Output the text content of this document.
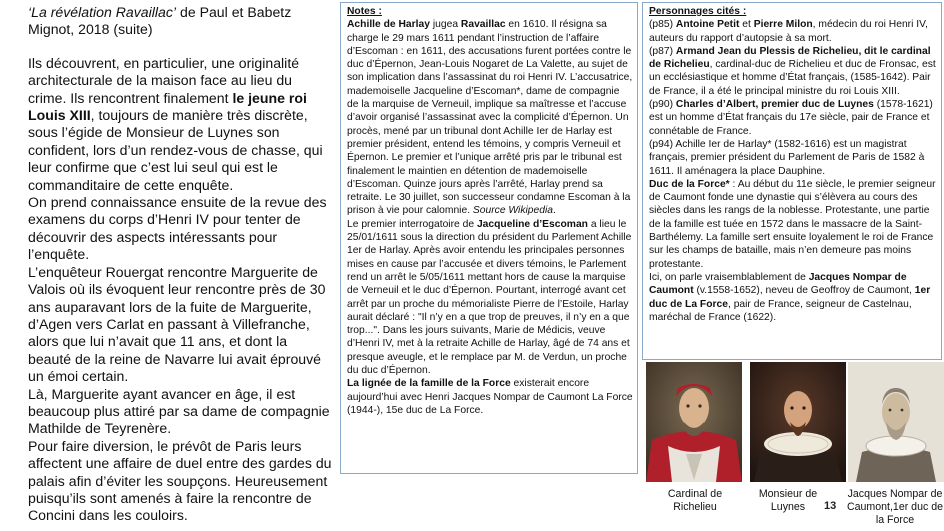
‘La révélation Ravaillac’ de Paul et Babetz Mignot, 2018 (suite)

Ils découvrent, en particulier, une originalité architecturale de la maison face au lieu du crime. Ils rencontrent finalement le jeune roi Louis XIII, toujours de manière très discrète, sous l’égide de Monsieur de Luynes son confident, lors d’un rendez-vous de chasse, qui leur confirme que c’est lui seul qui est le commanditaire de cette enquête.

On prend connaissance ensuite de la revue des examens du corps d’Henri IV pour tenter de découvrir des aspects intéressants pour l’enquête.

L’enquêteur Rouergat rencontre Marguerite de Valois où ils évoquent leur rencontre près de 30 ans auparavant lors de la fuite de Marguerite, d’Agen vers Carlat en passant à Villefranche, alors que lui n’avait que 11 ans, et dont la beauté de la reine de Navarre lui avait éprouvé un émoi certain.

Là, Marguerite ayant avancer en âge, il est beaucoup plus attiré par sa dame de compagnie Mathilde de Teyrenère.

Pour faire diversion, le prévôt de Paris leurs affectent une affaire de duel entre des gardes du palais afin d’éviter les soupçons. Heureusement puisqu’ils sont amenés à faire la rencontre de Concini dans les couloirs.

Notes :

Achille de Harlay jugea Ravaillac en 1610. Il résigna sa charge le 29 mars 1611 pendant l’instruction de l’affaire d’Escoman : en 1611, des accusations furent portées contre le duc d’Épernon, Jean-Louis Nogaret de La Valette, au sujet de son implication dans l’assassinat du roi Henri IV. L’accusatrice, mademoiselle Jacqueline d’Escoman*, dame de compagnie de la marquise de Verneuil, implique sa maîtresse et l’accuse d’avoir organisé l’assassinat avec la complicité d’Épernon. Un procès, mené par un tribunal dont Achille Ier de Harlay est premier président, entend les témoins, y compris Verneuil et Épernon. Le premier et l’unique arrêté pris par le tribunal est finalement le maintien en détention de mademoiselle d’Escoman. Quinze jours après l’arrêté, Harlay prend sa retraite. Le 30 juillet, son successeur condamne Escoman à la prison à vie pour calomnie. Source Wikipedia.

Le premier interrogatoire de Jacqueline d’Escoman a lieu le 25/01/1611 sous la direction du président du Parlement Achille 1er de Harlay. Après avoir entendu les principales personnes mises en cause par l’accusée et divers témoins, le Parlement rend un arrêt le 5/05/1611 mettant hors de cause la marquise de Verneuil et le duc d’Épernon. Pourtant, interrogé avant cet arrêt par un proche du mémorialiste Pierre de l’Estoile, Harlay aurait déclaré : "Il n’y en a que trop de preuves, il n’y en a que trop...". Dans les jours suivants, Marie de Médicis, veuve d’Henri IV, met à la retraite Achille de Harlay, âgé de 74 ans et presque aveugle, et le remplace par M. de Verdun, un proche du duc d’Épernon.

La lignée de la famille de la Force existerait encore aujourd’hui avec Henri Jacques Nompar de Caumont La Force (1944-), 15e duc de La Force.

Personnages cités :

(p85) Antoine Petit et Pierre Milon, médecin du roi Henri IV, auteurs du rapport d’autopsie à sa mort.

(p87) Armand Jean du Plessis de Richelieu, dit le cardinal de Richelieu, cardinal-duc de Richelieu et duc de Fronsac, est un ecclésiastique et homme d’État français, (1585-1642). Pair de France, il a été le principal ministre du roi Louis XIII.

(p90) Charles d’Albert, premier duc de Luynes (1578-1621) est un homme d’État français du 17e siècle, pair de France et connétable de France.

(p94) Achille Ier de Harlay* (1582-1616) est un magistrat français, premier président du Parlement de Paris de 1582 à 1611. Il aménagera la place Dauphine.

Duc de la Force* : Au début du 11e siècle, le premier seigneur de Caumont fonde une dynastie qui s’élèvera au cours des siècles dans les rangs de la noblesse. Protestante, une partie de la famille est tuée en 1572 dans le massacre de la Saint-Barthélemy. La famille sert ensuite loyalement le roi de France sur les champs de bataille, mais n’en demeure pas moins protestante.

Ici, on parle vraisemblablement de Jacques Nompar de Caumont (v.1558-1652), neveu de Geoffroy de Caumont, 1er duc de La Force, pair de France, seigneur de Castelnau, maréchal de France (1622).

Cardinal de Richelieu
Monsieur de Luynes
Jacques Nompar de Caumont,1er duc de la Force
13
